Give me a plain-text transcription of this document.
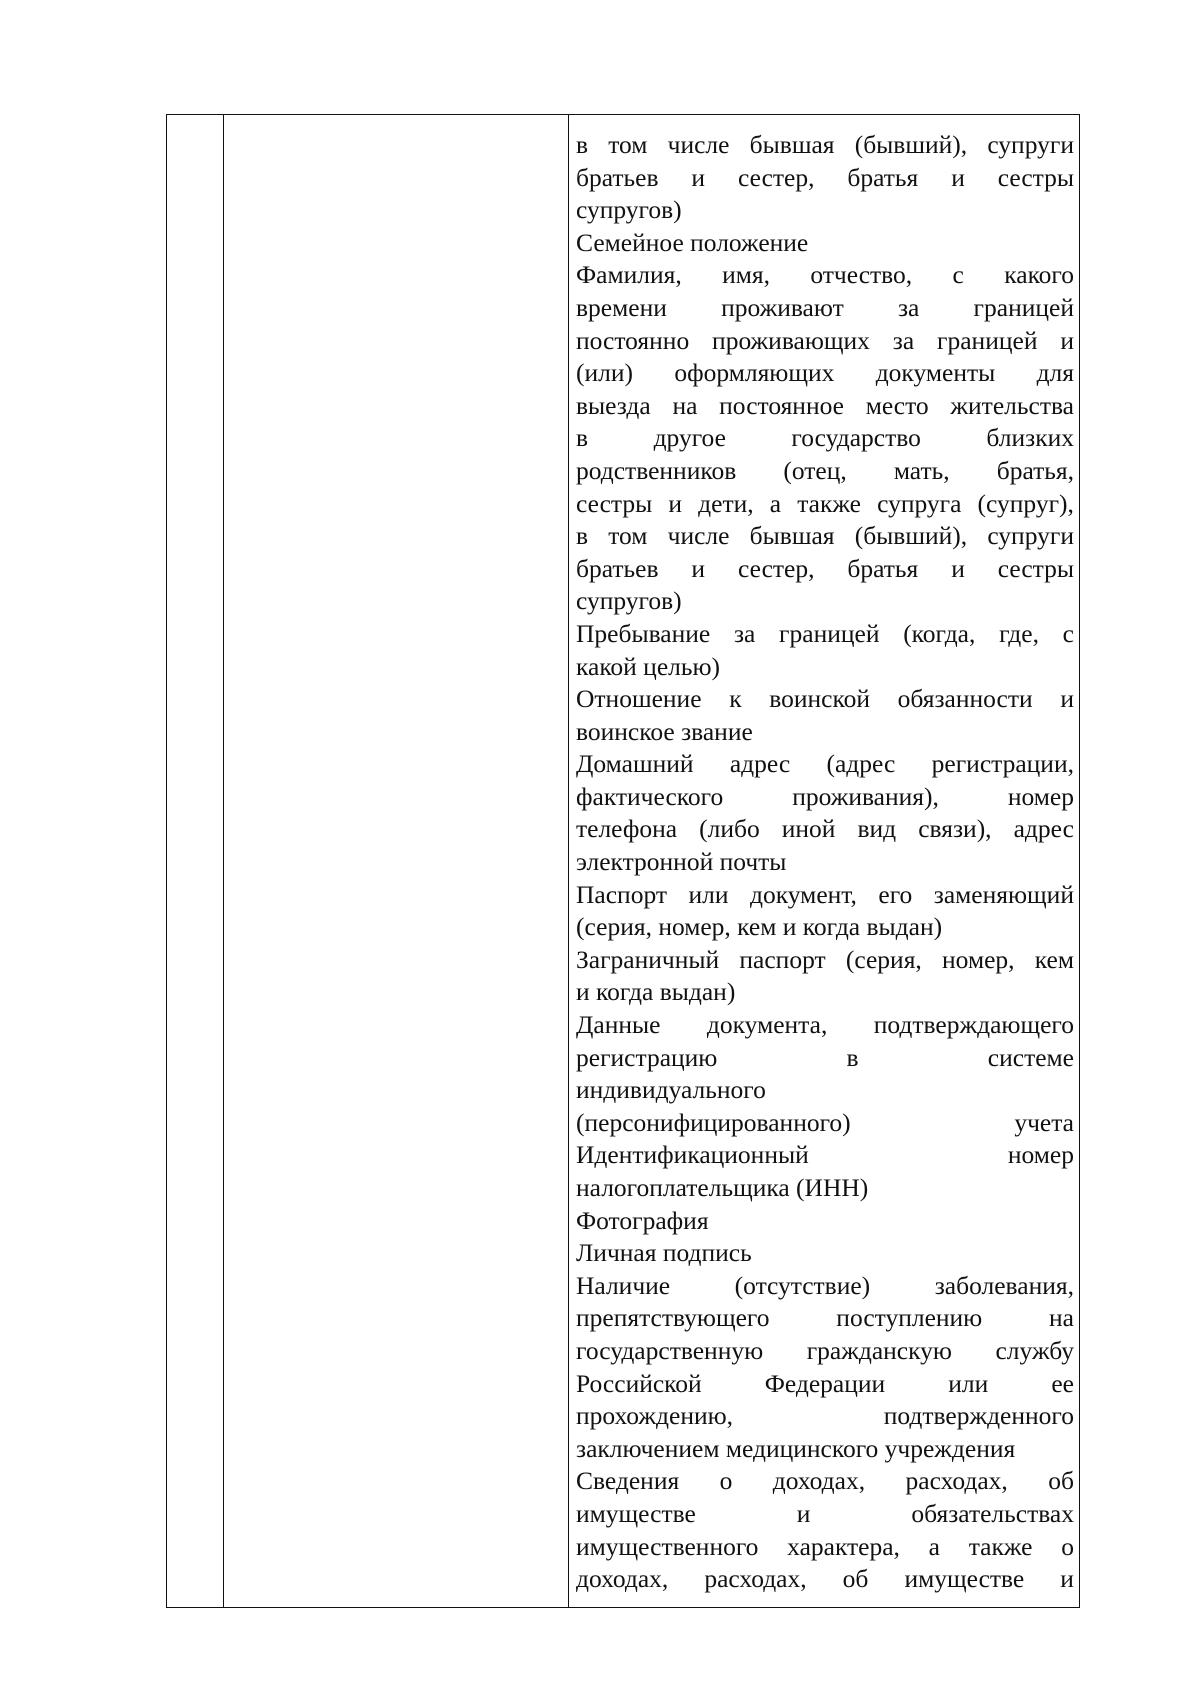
в том числе бывшая (бывший), супруги
братьев и сестер, братья и сестры
супругов)
Семейное положение
Фамилия, имя, отчество, с какого
времени проживают за границей
постоянно проживающих за границей и
(или) оформляющих документы для
выезда на постоянное место жительства
в	другое	государство	близких
родственников (отец, мать, братья,
сестры и дети, а также супруга (супруг),
в том числе бывшая (бывший), супруги
братьев и сестер, братья и сестры
супругов)
Пребывание за границей (когда, где, с
какой целью)
Отношение к воинской обязанности и
воинское звание
Домашний адрес (адрес регистрации,
фактического	проживания),	номер
телефона (либо иной вид связи), адрес
электронной почты
Паспорт или документ, его заменяющий
(серия, номер, кем и когда выдан)
Заграничный паспорт (серия, номер, кем
и когда выдан)
Данные документа, подтверждающего
регистрацию	в	системе
индивидуального
(персонифицированного)	учета
Идентификационный	номер
налогоплательщика (ИНН)
Фотография
Личная подпись
Наличие	(отсутствие)	заболевания,
препятствующего	поступлению	на
государственную гражданскую службу
Российской Федерации или ее
прохождению,	подтвержденного
заключением медицинского учреждения
Сведения о доходах, расходах, об
имуществе	и	обязательствах
имущественного характера, а также о
доходах, расходах, об имуществе и
